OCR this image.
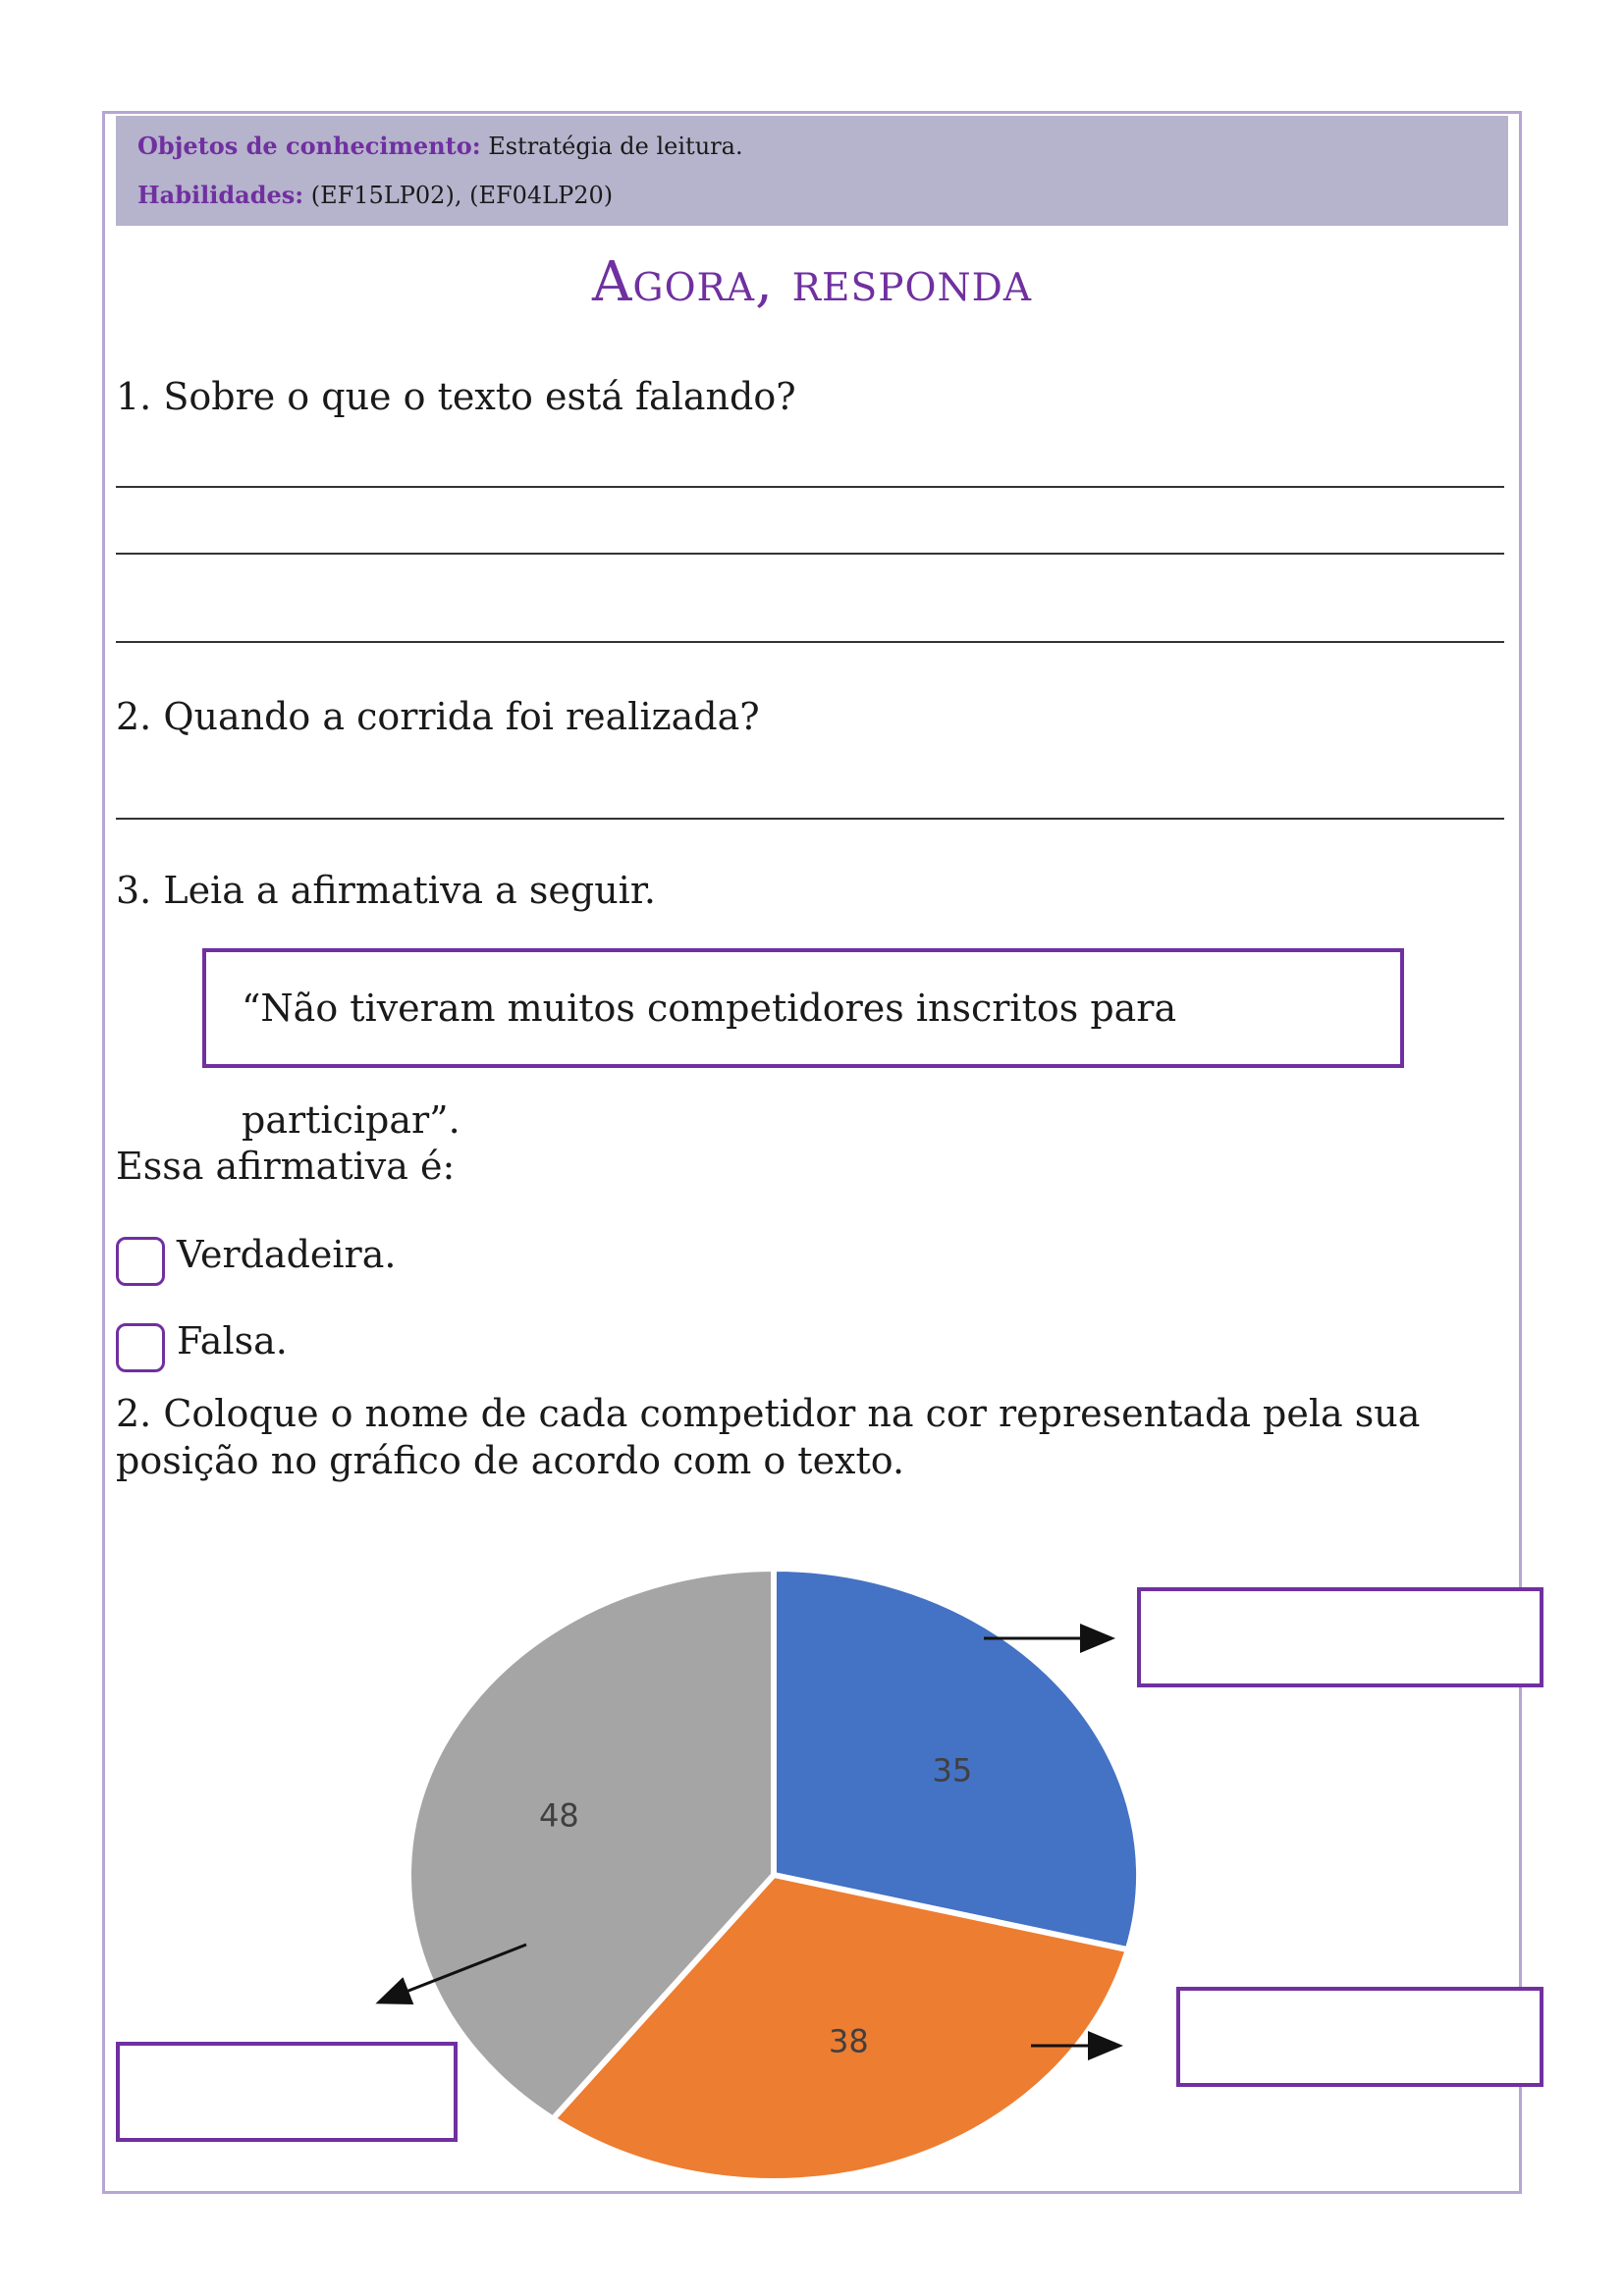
Objetos de conhecimento: Estratégia de leitura.
Habilidades: (EF15LP02), (EF04LP20)
Agora, responda
1. Sobre o que o texto está falando?
2. Quando a corrida foi realizada?
3. Leia a afirmativa a seguir.
“Não tiveram muitos competidores inscritos para participar”.
Essa afirmativa é:
Verdadeira.
Falsa.
2. Coloque o nome de cada competidor na cor representada pela sua posição no gráfico de acordo com o texto.
35
38
48
